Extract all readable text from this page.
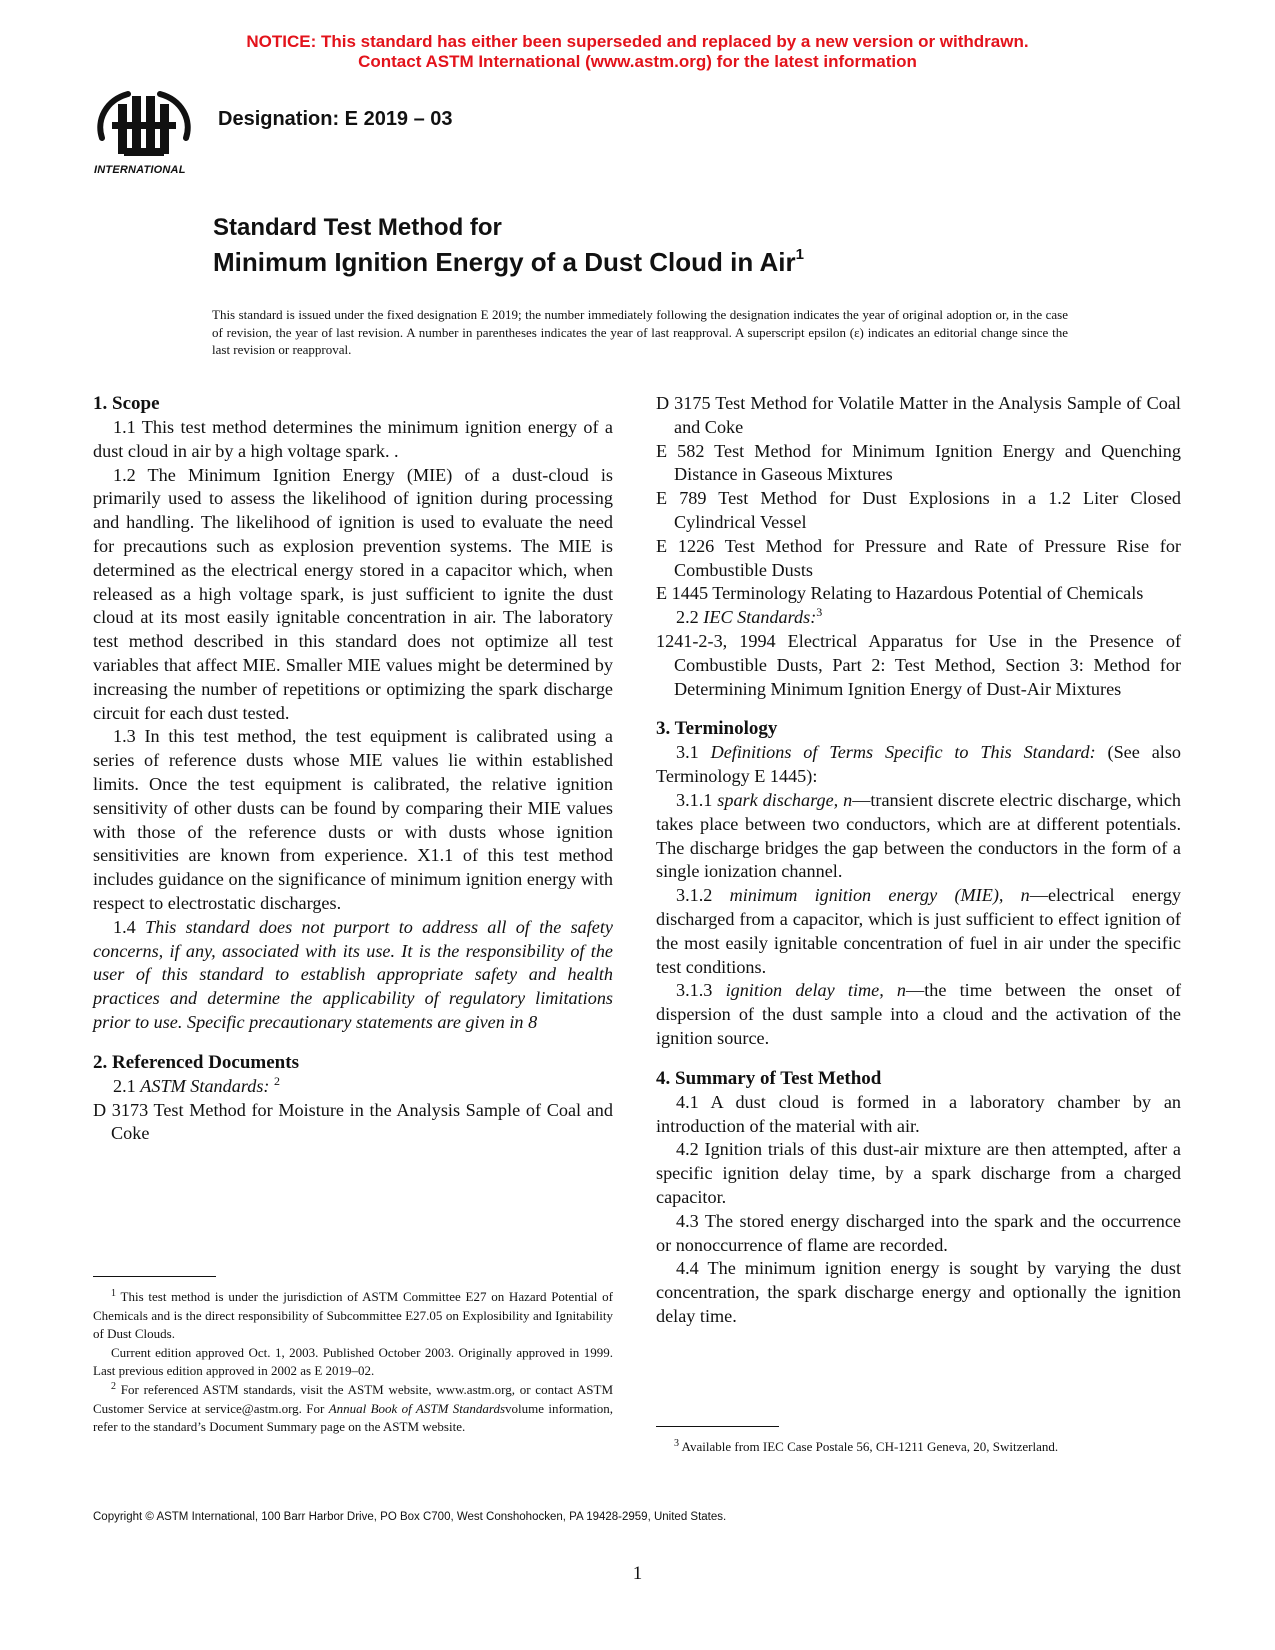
NOTICE: This standard has either been superseded and replaced by a new version or withdrawn.
Contact ASTM International (www.astm.org) for the latest information
INTERNATIONAL
Designation: E 2019 – 03
Standard Test Method for
Minimum Ignition Energy of a Dust Cloud in Air$^1$
This standard is issued under the fixed designation E 2019; the number immediately following the designation indicates the year of original adoption or, in the case of revision, the year of last revision. A number in parentheses indicates the year of last reapproval. A superscript epsilon (ε) indicates an editorial change since the last revision or reapproval.
1. Scope

1.1 This test method determines the minimum ignition energy of a dust cloud in air by a high voltage spark. .

1.2 The Minimum Ignition Energy (MIE) of a dust-cloud is primarily used to assess the likelihood of ignition during processing and handling. The likelihood of ignition is used to evaluate the need for precautions such as explosion prevention systems. The MIE is determined as the electrical energy stored in a capacitor which, when released as a high voltage spark, is just sufficient to ignite the dust cloud at its most easily ignitable concentration in air. The laboratory test method described in this standard does not optimize all test variables that affect MIE. Smaller MIE values might be determined by increasing the number of repetitions or optimizing the spark discharge circuit for each dust tested.

1.3 In this test method, the test equipment is calibrated using a series of reference dusts whose MIE values lie within established limits. Once the test equipment is calibrated, the relative ignition sensitivity of other dusts can be found by comparing their MIE values with those of the reference dusts or with dusts whose ignition sensitivities are known from experience. X1.1 of this test method includes guidance on the significance of minimum ignition energy with respect to electrostatic discharges.

1.4 This standard does not purport to address all of the safety concerns, if any, associated with its use. It is the responsibility of the user of this standard to establish appropriate safety and health practices and determine the applicability of regulatory limitations prior to use. Specific precautionary statements are given in 8

2. Referenced Documents

2.1 ASTM Standards: $^2$

D 3173 Test Method for Moisture in the Analysis Sample of Coal and Coke

D 3175 Test Method for Volatile Matter in the Analysis Sample of Coal and Coke

E 582 Test Method for Minimum Ignition Energy and Quenching Distance in Gaseous Mixtures

E 789 Test Method for Dust Explosions in a 1.2 Liter Closed Cylindrical Vessel

E 1226 Test Method for Pressure and Rate of Pressure Rise for Combustible Dusts

E 1445 Terminology Relating to Hazardous Potential of Chemicals

2.2 IEC Standards:$^3$

1241-2-3, 1994 Electrical Apparatus for Use in the Presence of Combustible Dusts, Part 2: Test Method, Section 3: Method for Determining Minimum Ignition Energy of Dust-Air Mixtures

3. Terminology

3.1 Definitions of Terms Specific to This Standard: (See also Terminology E 1445):

3.1.1 spark discharge, n—transient discrete electric discharge, which takes place between two conductors, which are at different potentials. The discharge bridges the gap between the conductors in the form of a single ionization channel.

3.1.2 minimum ignition energy (MIE), n—electrical energy discharged from a capacitor, which is just sufficient to effect ignition of the most easily ignitable concentration of fuel in air under the specific test conditions.

3.1.3 ignition delay time, n—the time between the onset of dispersion of the dust sample into a cloud and the activation of the ignition source.

4. Summary of Test Method

4.1 A dust cloud is formed in a laboratory chamber by an introduction of the material with air.

4.2 Ignition trials of this dust-air mixture are then attempted, after a specific ignition delay time, by a spark discharge from a charged capacitor.

4.3 The stored energy discharged into the spark and the occurrence or nonoccurrence of flame are recorded.

4.4 The minimum ignition energy is sought by varying the dust concentration, the spark discharge energy and optionally the ignition delay time.

$^1$ This test method is under the jurisdiction of ASTM Committee E27 on Hazard Potential of Chemicals and is the direct responsibility of Subcommittee E27.05 on Explosibility and Ignitability of Dust Clouds.

Current edition approved Oct. 1, 2003. Published October 2003. Originally approved in 1999. Last previous edition approved in 2002 as E 2019–02.

$^2$ For referenced ASTM standards, visit the ASTM website, www.astm.org, or contact ASTM Customer Service at service@astm.org. For Annual Book of ASTM Standardsvolume information, refer to the standard’s Document Summary page on the ASTM website.

$^3$ Available from IEC Case Postale 56, CH-1211 Geneva, 20, Switzerland.

Copyright © ASTM International, 100 Barr Harbor Drive, PO Box C700, West Conshohocken, PA 19428-2959, United States.
1
